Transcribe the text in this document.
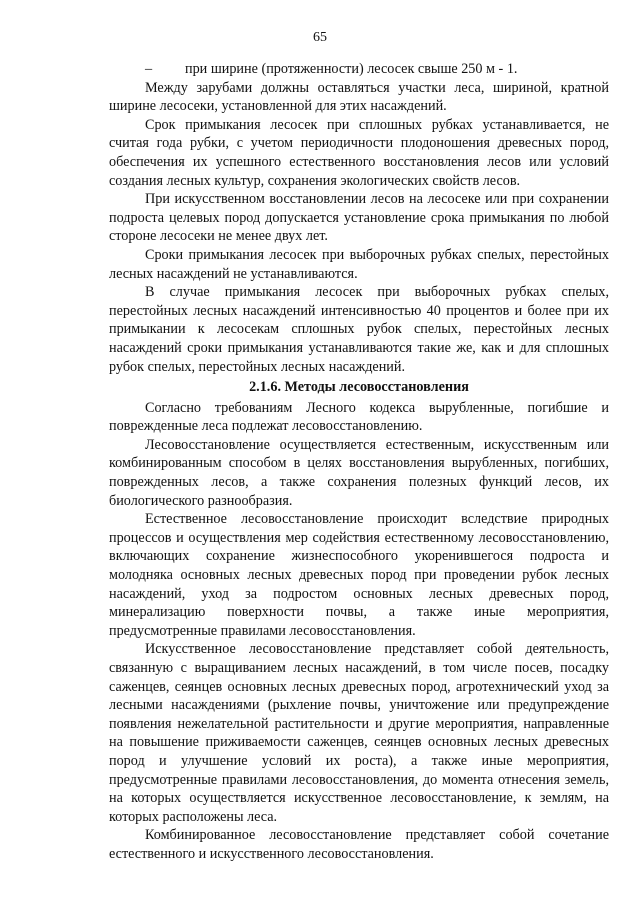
65

– при ширине (протяженности) лесосек свыше 250 м - 1.

Между зарубами должны оставляться участки леса, шириной, кратной ширине лесосеки, установленной для этих насаждений.

Срок примыкания лесосек при сплошных рубках устанавливается, не считая года рубки, с учетом периодичности плодоношения древесных пород, обеспечения их успешного естественного восстановления лесов или условий создания лесных культур, сохранения экологических свойств лесов.

При искусственном восстановлении лесов на лесосеке или при сохранении подроста целевых пород допускается установление срока примыкания по любой стороне лесосеки не менее двух лет.

Сроки примыкания лесосек при выборочных рубках спелых, перестойных лесных насаждений не устанавливаются.

В случае примыкания лесосек при выборочных рубках спелых, перестойных лесных насаждений интенсивностью 40 процентов и более при их примыкании к лесосекам сплошных рубок спелых, перестойных лесных насаждений сроки примыкания устанавливаются такие же, как и для сплошных рубок спелых, перестойных лесных насаждений.

2.1.6. Методы лесовосстановления

Согласно требованиям Лесного кодекса вырубленные, погибшие и поврежденные леса подлежат лесовосстановлению.

Лесовосстановление осуществляется естественным, искусственным или комбинированным способом в целях восстановления вырубленных, погибших, поврежденных лесов, а также сохранения полезных функций лесов, их биологического разнообразия.

Естественное лесовосстановление происходит вследствие природных процессов и осуществления мер содействия естественному лесовосстановлению, включающих сохранение жизнеспособного укоренившегося подроста и молодняка основных лесных древесных пород при проведении рубок лесных насаждений, уход за подростом основных лесных древесных пород, минерализацию поверхности почвы, а также иные мероприятия, предусмотренные правилами лесовосстановления.

Искусственное лесовосстановление представляет собой деятельность, связанную с выращиванием лесных насаждений, в том числе посев, посадку саженцев, сеянцев основных лесных древесных пород, агротехнический уход за лесными насаждениями (рыхление почвы, уничтожение или предупреждение появления нежелательной растительности и другие мероприятия, направленные на повышение приживаемости саженцев, сеянцев основных лесных древесных пород и улучшение условий их роста), а также иные мероприятия, предусмотренные правилами лесовосстановления, до момента отнесения земель, на которых осуществляется искусственное лесовосстановление, к землям, на которых расположены леса.

Комбинированное лесовосстановление представляет собой сочетание естественного и искусственного лесовосстановления.
